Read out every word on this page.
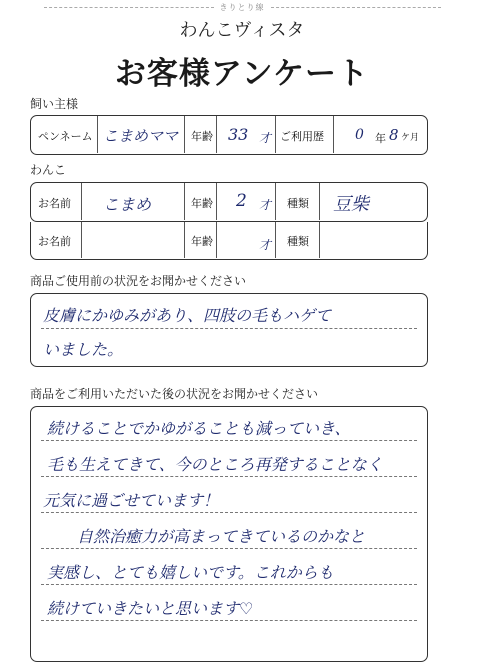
きりとり線
わんこヴィスタ
お客様アンケート
飼い主様
ペンネーム こまめママ 年齢 33 才 ご利用歴 0 年 8 ケ月
わんこ
お名前 こまめ	年齢 2 才 種類 豆柴
お名前	年齢	才 種類
商品ご使用前の状況をお聞かせください
皮膚にかゆみがあり、四肢の毛もハゲて
いました。
商品をご利用いただいた後の状況をお聞かせください
続けることでかゆがることも減っていき、
毛も生えてきて、今のところ再発することなく
元気に過ごせています！
自然治癒力が高まってきているのかなと
実感し、とても嬉しいです。これからも
続けていきたいと思います♡
